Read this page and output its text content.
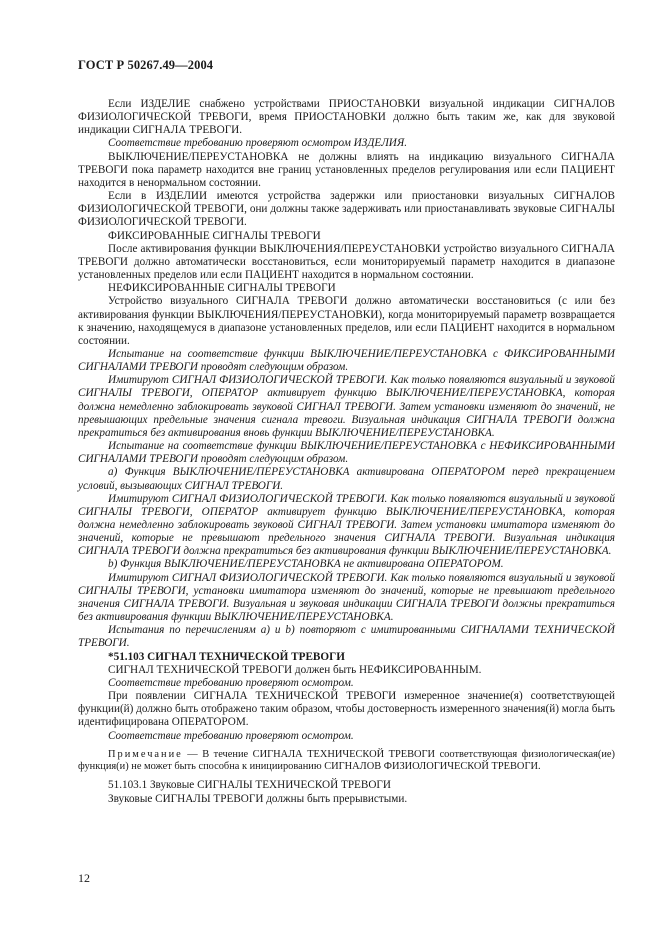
ГОСТ Р 50267.49—2004

Если ИЗДЕЛИЕ снабжено устройствами ПРИОСТАНОВКИ визуальной индикации СИГНАЛОВ ФИЗИОЛОГИЧЕСКОЙ ТРЕВОГИ, время ПРИОСТАНОВКИ должно быть таким же, как для звуковой индикации СИГНАЛА ТРЕВОГИ.

Соответствие требованию проверяют осмотром ИЗДЕЛИЯ.

ВЫКЛЮЧЕНИЕ/ПЕРЕУСТАНОВКА не должны влиять на индикацию визуального СИГНАЛА ТРЕВОГИ пока параметр находится вне границ установленных пределов регулирования или если ПАЦИЕНТ находится в ненормальном состоянии.

Если в ИЗДЕЛИИ имеются устройства задержки или приостановки визуальных СИГНАЛОВ ФИЗИОЛОГИЧЕСКОЙ ТРЕВОГИ, они должны также задерживать или приостанавливать звуковые СИГНАЛЫ ФИЗИОЛОГИЧЕСКОЙ ТРЕВОГИ.

ФИКСИРОВАННЫЕ СИГНАЛЫ ТРЕВОГИ

После активирования функции ВЫКЛЮЧЕНИЯ/ПЕРЕУСТАНОВКИ устройство визуального СИГНАЛА ТРЕВОГИ должно автоматически восстановиться, если мониторируемый параметр находится в диапазоне установленных пределов или если ПАЦИЕНТ находится в нормальном состоянии.

НЕФИКСИРОВАННЫЕ СИГНАЛЫ ТРЕВОГИ

Устройство визуального СИГНАЛА ТРЕВОГИ должно автоматически восстановиться (с или без активирования функции ВЫКЛЮЧЕНИЯ/ПЕРЕУСТАНОВКИ), когда мониторируемый параметр возвращается к значению, находящемуся в диапазоне установленных пределов, или если ПАЦИЕНТ находится в нормальном состоянии.

Испытание на соответствие функции ВЫКЛЮЧЕНИЕ/ПЕРЕУСТАНОВКА с ФИКСИРОВАННЫМИ СИГНАЛАМИ ТРЕВОГИ проводят следующим образом.

Имитируют СИГНАЛ ФИЗИОЛОГИЧЕСКОЙ ТРЕВОГИ. Как только появляются визуальный и звуковой СИГНАЛЫ ТРЕВОГИ, ОПЕРАТОР активирует функцию ВЫКЛЮЧЕНИЕ/ПЕРЕУСТАНОВКА, которая должна немедленно заблокировать звуковой СИГНАЛ ТРЕВОГИ. Затем установки изменяют до значений, не превышающих предельные значения сигнала тревоги. Визуальная индикация СИГНАЛА ТРЕВОГИ должна прекратиться без активирования вновь функции ВЫКЛЮЧЕНИЕ/ПЕРЕУСТАНОВКА.

Испытание на соответствие функции ВЫКЛЮЧЕНИЕ/ПЕРЕУСТАНОВКА с НЕФИКСИРОВАННЫМИ СИГНАЛАМИ ТРЕВОГИ проводят следующим образом.

a) Функция ВЫКЛЮЧЕНИЕ/ПЕРЕУСТАНОВКА активирована ОПЕРАТОРОМ перед прекращением условий, вызывающих СИГНАЛ ТРЕВОГИ.

Имитируют СИГНАЛ ФИЗИОЛОГИЧЕСКОЙ ТРЕВОГИ. Как только появляются визуальный и звуковой СИГНАЛЫ ТРЕВОГИ, ОПЕРАТОР активирует функцию ВЫКЛЮЧЕНИЕ/ПЕРЕУСТАНОВКА, которая должна немедленно заблокировать звуковой СИГНАЛ ТРЕВОГИ. Затем установки имитатора изменяют до значений, которые не превышают предельного значения СИГНАЛА ТРЕВОГИ. Визуальная индикация СИГНАЛА ТРЕВОГИ должна прекратиться без активирования функции ВЫКЛЮЧЕНИЕ/ПЕРЕУСТАНОВКА.

b) Функция ВЫКЛЮЧЕНИЕ/ПЕРЕУСТАНОВКА не активирована ОПЕРАТОРОМ.

Имитируют СИГНАЛ ФИЗИОЛОГИЧЕСКОЙ ТРЕВОГИ. Как только появляются визуальный и звуковой СИГНАЛЫ ТРЕВОГИ, установки имитатора изменяют до значений, которые не превышают предельного значения СИГНАЛА ТРЕВОГИ. Визуальная и звуковая индикации СИГНАЛА ТРЕВОГИ должны прекратиться без активирования функции ВЫКЛЮЧЕНИЕ/ПЕРЕУСТАНОВКА.

Испытания по перечислениям a) и b) повторяют с имитированными СИГНАЛАМИ ТЕХНИЧЕСКОЙ ТРЕВОГИ.

*51.103 СИГНАЛ ТЕХНИЧЕСКОЙ ТРЕВОГИ

СИГНАЛ ТЕХНИЧЕСКОЙ ТРЕВОГИ должен быть НЕФИКСИРОВАННЫМ.

Соответствие требованию проверяют осмотром.

При появлении СИГНАЛА ТЕХНИЧЕСКОЙ ТРЕВОГИ измеренное значение(я) соответствующей функции(й) должно быть отображено таким образом, чтобы достоверность измеренного значения(й) могла быть идентифицирована ОПЕРАТОРОМ.

Соответствие требованию проверяют осмотром.

Примечание — В течение СИГНАЛА ТЕХНИЧЕСКОЙ ТРЕВОГИ соответствующая физиологическая(ие) функция(и) не может быть способна к инициированию СИГНАЛОВ ФИЗИОЛОГИЧЕСКОЙ ТРЕВОГИ.

51.103.1 Звуковые СИГНАЛЫ ТЕХНИЧЕСКОЙ ТРЕВОГИ

Звуковые СИГНАЛЫ ТРЕВОГИ должны быть прерывистыми.

12
